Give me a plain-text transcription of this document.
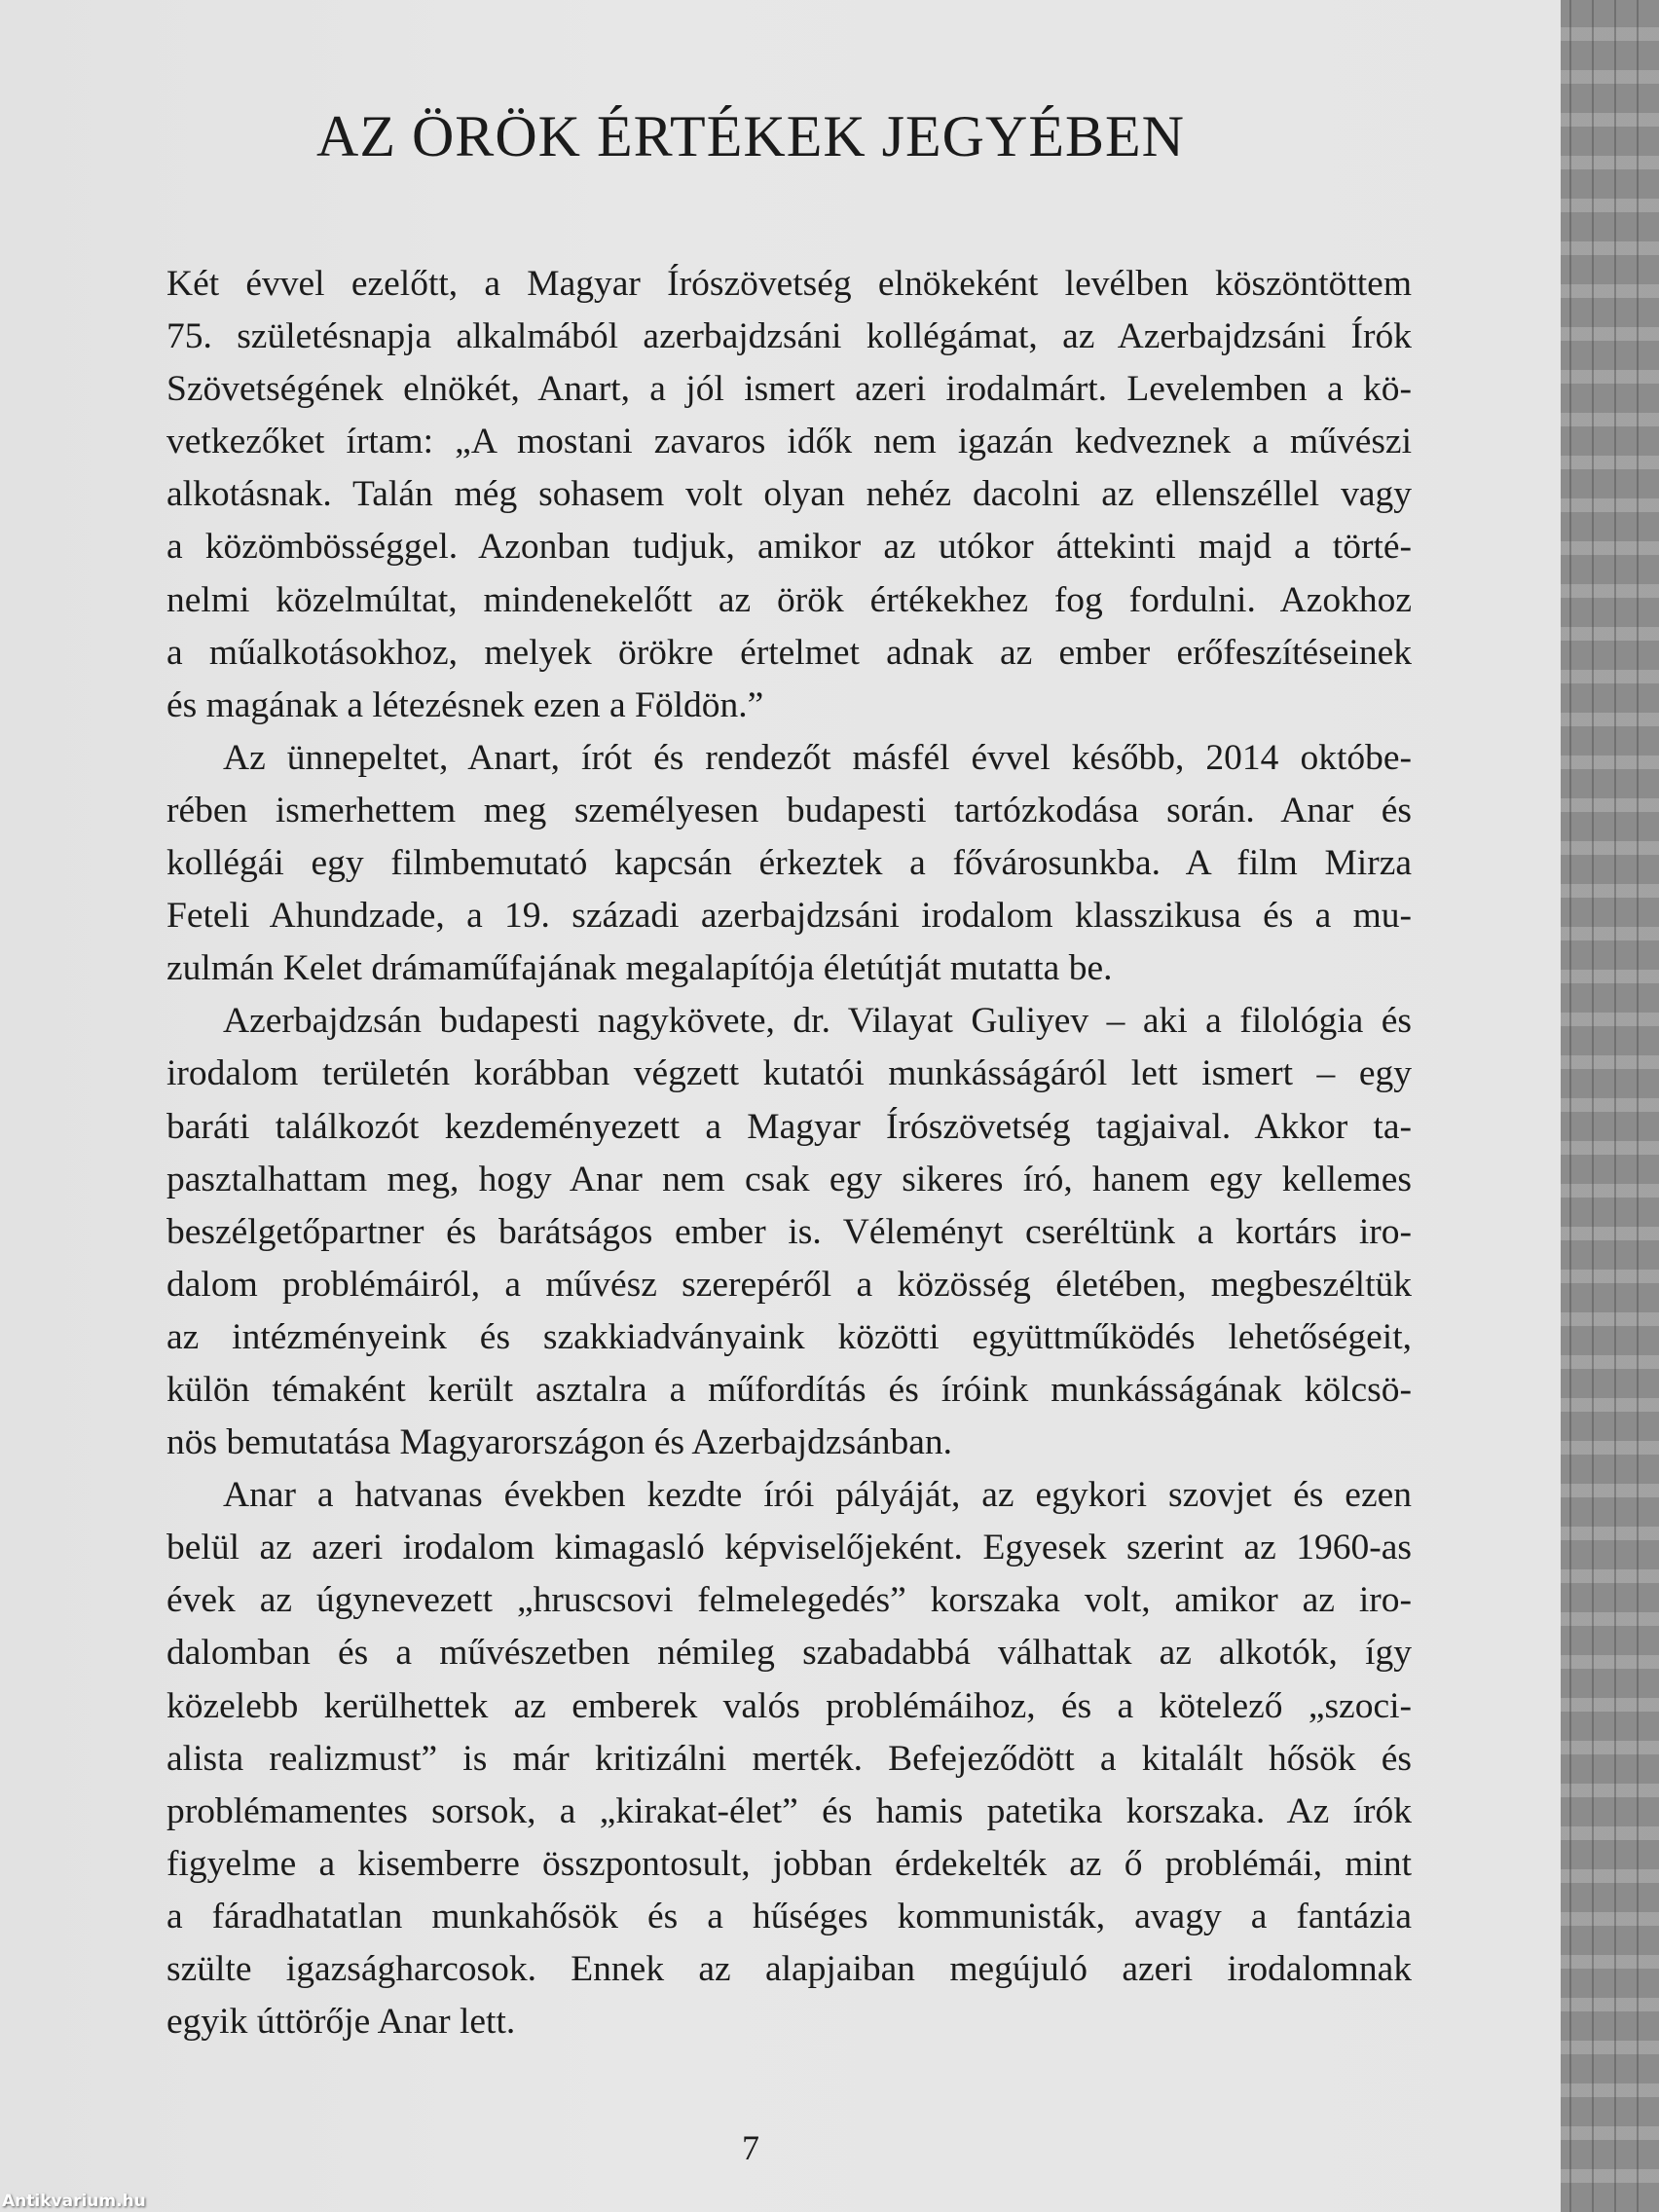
AZ ÖRÖK ÉRTÉKEK JEGYÉBEN
Két évvel ezelőtt, a Magyar Írószövetség elnökeként levélben köszöntöttem
75. születésnapja alkalmából azerbajdzsáni kollégámat, az Azerbajdzsáni Írók
Szövetségének elnökét, Anart, a jól ismert azeri irodalmárt. Levelemben a kö-
vetkezőket írtam: „A mostani zavaros idők nem igazán kedveznek a művészi
alkotásnak. Talán még sohasem volt olyan nehéz dacolni az ellenszéllel vagy
a közömbösséggel. Azonban tudjuk, amikor az utókor áttekinti majd a törté-
nelmi közelmúltat, mindenekelőtt az örök értékekhez fog fordulni. Azokhoz
a műalkotásokhoz, melyek örökre értelmet adnak az ember erőfeszítéseinek
és magának a létezésnek ezen a Földön.”
Az ünnepeltet, Anart, írót és rendezőt másfél évvel később, 2014 októbe-
rében ismerhettem meg személyesen budapesti tartózkodása során. Anar és
kollégái egy filmbemutató kapcsán érkeztek a fővárosunkba. A film Mirza
Feteli Ahundzade, a 19. századi azerbajdzsáni irodalom klasszikusa és a mu-
zulmán Kelet drámaműfajának megalapítója életútját mutatta be.
Azerbajdzsán budapesti nagykövete, dr. Vilayat Guliyev – aki a filológia és
irodalom területén korábban végzett kutatói munkásságáról lett ismert – egy
baráti találkozót kezdeményezett a Magyar Írószövetség tagjaival. Akkor ta-
pasztalhattam meg, hogy Anar nem csak egy sikeres író, hanem egy kellemes
beszélgetőpartner és barátságos ember is. Véleményt cseréltünk a kortárs iro-
dalom problémáiról, a művész szerepéről a közösség életében, megbeszéltük
az intézményeink és szakkiadványaink közötti együttműködés lehetőségeit,
külön témaként került asztalra a műfordítás és íróink munkásságának kölcsö-
nös bemutatása Magyarországon és Azerbajdzsánban.
Anar a hatvanas években kezdte írói pályáját, az egykori szovjet és ezen
belül az azeri irodalom kimagasló képviselőjeként. Egyesek szerint az 1960-as
évek az úgynevezett „hruscsovi felmelegedés” korszaka volt, amikor az iro-
dalomban és a művészetben némileg szabadabbá válhattak az alkotók, így
közelebb kerülhettek az emberek valós problémáihoz, és a kötelező „szoci-
alista realizmust” is már kritizálni merték. Befejeződött a kitalált hősök és
problémamentes sorsok, a „kirakat-élet” és hamis patetika korszaka. Az írók
figyelme a kisemberre összpontosult, jobban érdekelték az ő problémái, mint
a fáradhatatlan munkahősök és a hűséges kommunisták, avagy a fantázia
szülte igazságharcosok. Ennek az alapjaiban megújuló azeri irodalomnak
egyik úttörője Anar lett.
7
Antikvarium.hu
